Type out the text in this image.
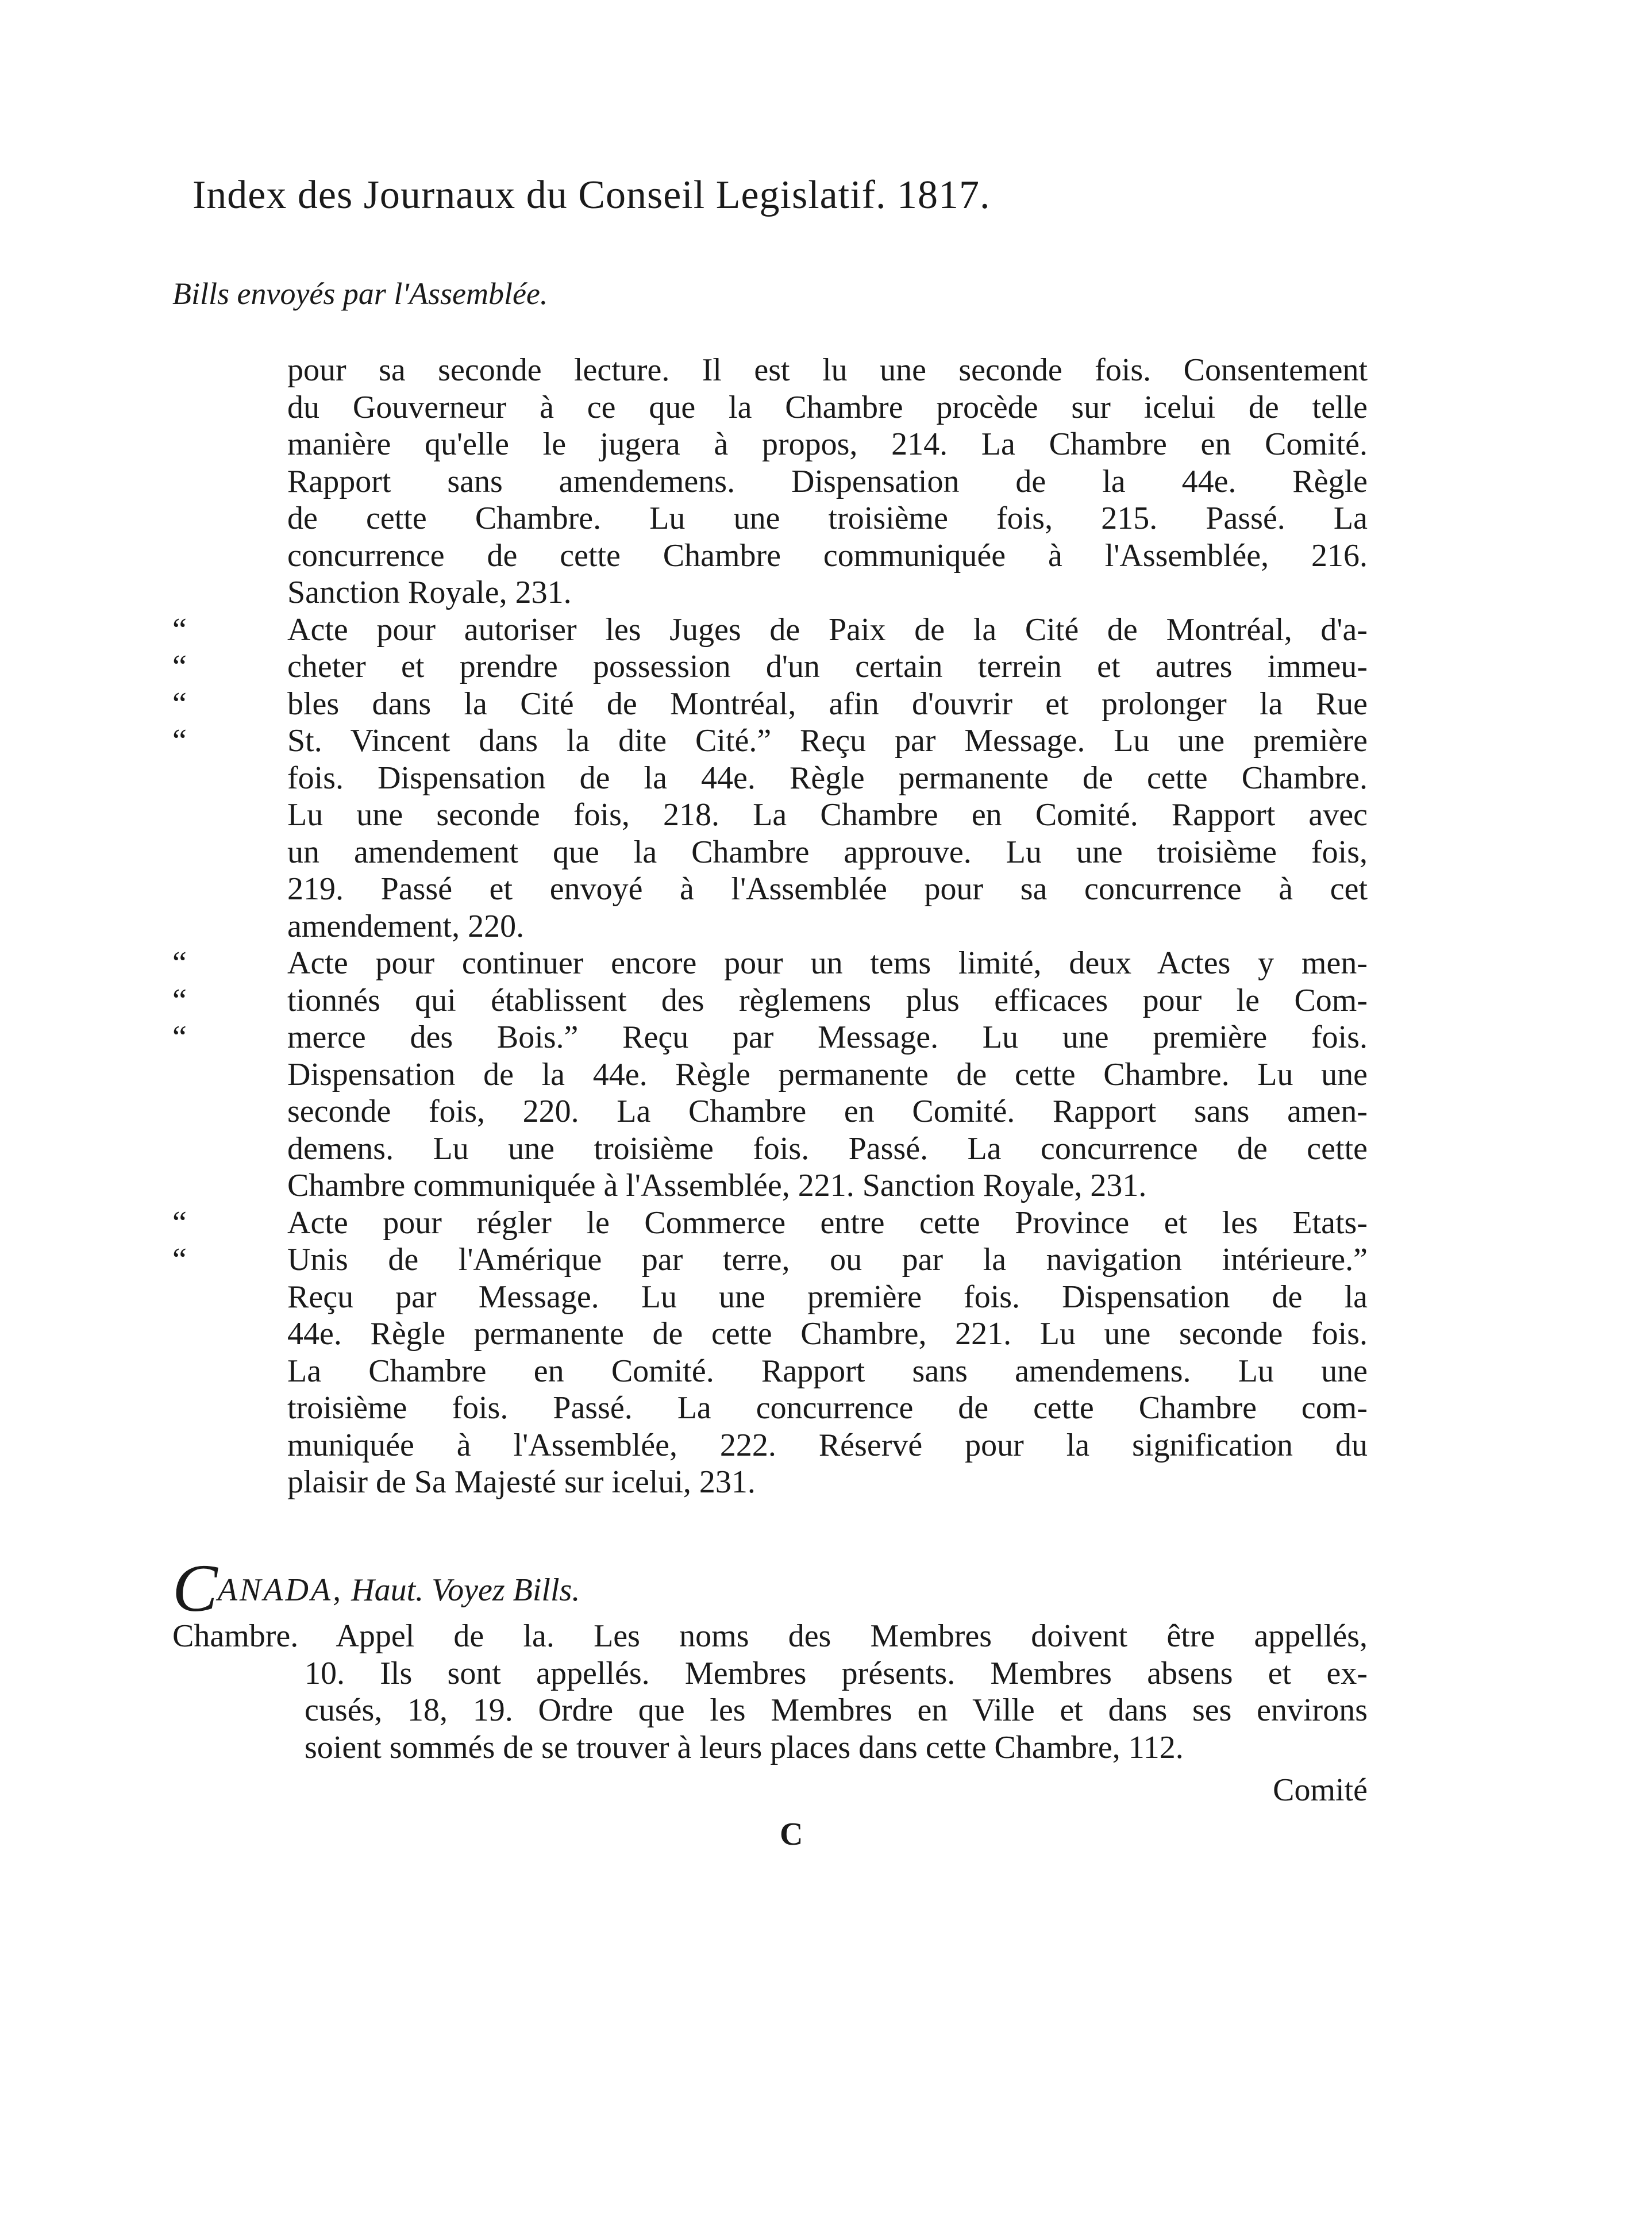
Index des Journaux du Conseil Legislatif. 1817.
Bills envoyés par l'Assemblée.
pour sa seconde lecture. Il est lu une seconde fois. Consentement
du Gouverneur à ce que la Chambre procède sur icelui de telle
manière qu'elle le jugera à propos, 214. La Chambre en Comité.
Rapport sans amendemens. Dispensation de la 44e. Règle
de cette Chambre. Lu une troisième fois, 215. Passé. La
concurrence de cette Chambre communiquée à l'Assemblée, 216.
Sanction Royale, 231.
“	Acte pour autoriser les Juges de Paix de la Cité de Montréal, d'a-
“	cheter et prendre possession d'un certain terrein et autres immeu-
“	bles dans la Cité de Montréal, afin d'ouvrir et prolonger la Rue
“	St. Vincent dans la dite Cité.” Reçu par Message. Lu une première
fois. Dispensation de la 44e. Règle permanente de cette Chambre.
Lu une seconde fois, 218. La Chambre en Comité. Rapport avec
un amendement que la Chambre approuve. Lu une troisième fois,
219. Passé et envoyé à l'Assemblée pour sa concurrence à cet
amendement, 220.
“	Acte pour continuer encore pour un tems limité, deux Actes y men-
“	tionnés qui établissent des règlemens plus efficaces pour le Com-
“	merce des Bois.” Reçu par Message. Lu une première fois.
Dispensation de la 44e. Règle permanente de cette Chambre. Lu une
seconde fois, 220. La Chambre en Comité. Rapport sans amen-
demens. Lu une troisième fois. Passé. La concurrence de cette
Chambre communiquée à l'Assemblée, 221. Sanction Royale, 231.
“	Acte pour régler le Commerce entre cette Province et les Etats-
“	Unis de l'Amérique par terre, ou par la navigation intérieure.”
Reçu par Message. Lu une première fois. Dispensation de la
44e. Règle permanente de cette Chambre, 221. Lu une seconde fois.
La Chambre en Comité. Rapport sans amendemens. Lu une
troisième fois. Passé. La concurrence de cette Chambre com-
muniquée à l'Assemblée, 222. Réservé pour la signification du
plaisir de Sa Majesté sur icelui, 231.
CANADA, Haut. Voyez Bills.
Chambre. Appel de la. Les noms des Membres doivent être appellés,
10. Ils sont appellés. Membres présents. Membres absens et ex-
cusés, 18, 19. Ordre que les Membres en Ville et dans ses environs
soient sommés de se trouver à leurs places dans cette Chambre, 112.
Comité
C
